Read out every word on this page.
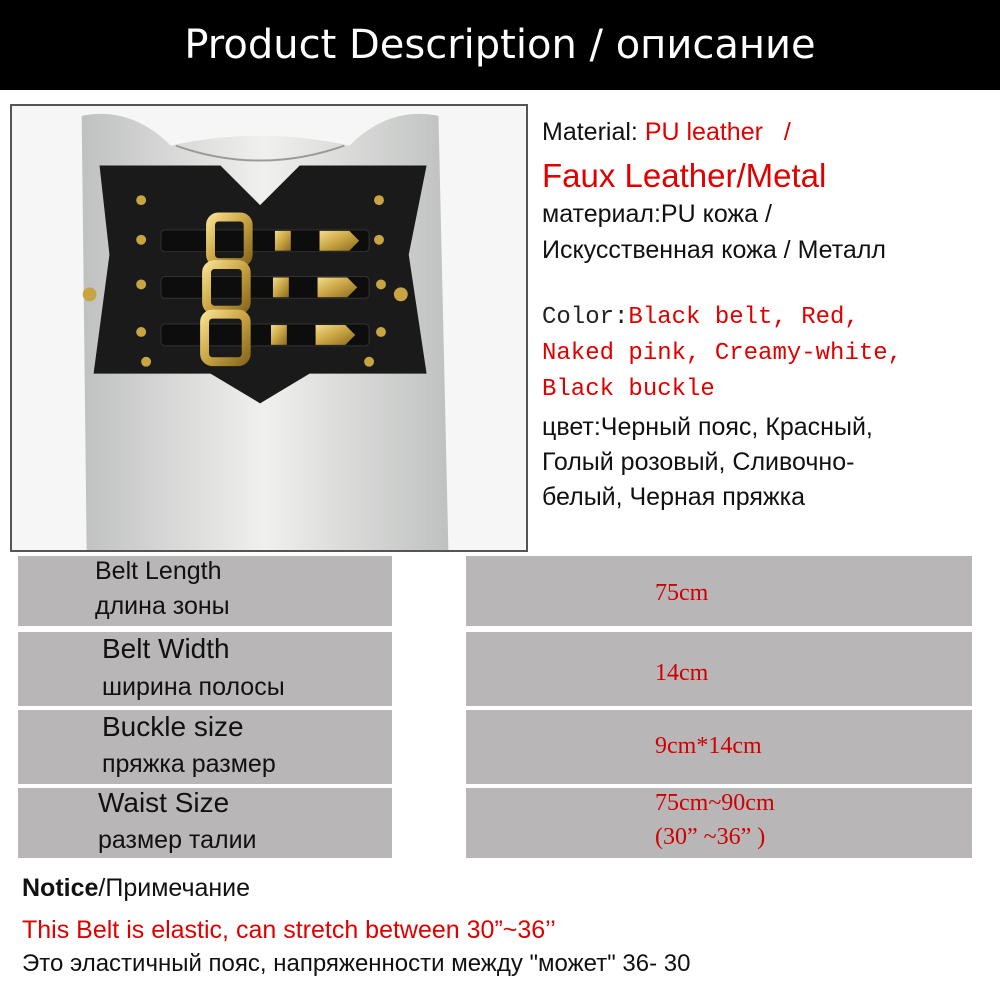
Product Description / описание
Material: PU leather /
Faux Leather/Metal
материал:PU кожа /
Искусственная кожа / Металл
Color:Black belt, Red,
Naked pink, Creamy-white,
Black buckle
цвет:Черный пояс, Красный,
Голый розовый, Сливочно-
белый, Черная пряжка
Belt Length
длина зоны	75cm
Belt Width
ширина полосы	14cm
Buckle size
пряжка размер
9cm*14cm
Waist Size
размер талии
75cm~90cm
(30” ~36” )
Notice/Примечание
This Belt is elastic, can stretch between 30”~36’’
Это эластичный пояс, напряженности между "может" 36- 30
